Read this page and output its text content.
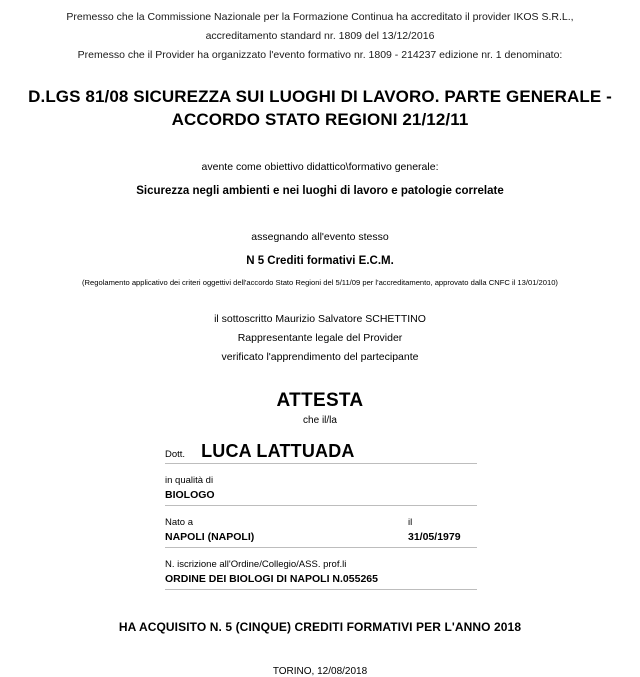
Premesso che la Commissione Nazionale per la Formazione Continua ha accreditato il provider IKOS S.R.L.,
accreditamento standard nr. 1809 del 13/12/2016
Premesso che il Provider ha organizzato l'evento formativo nr. 1809 - 214237 edizione nr. 1 denominato:
D.LGS 81/08 SICUREZZA SUI LUOGHI DI LAVORO. PARTE GENERALE - ACCORDO STATO REGIONI 21/12/11
avente come obiettivo didattico\formativo generale:
Sicurezza negli ambienti e nei luoghi di lavoro e patologie correlate
assegnando all'evento stesso
N 5 Crediti formativi E.C.M.
(Regolamento applicativo dei criteri oggettivi dell'accordo Stato Regioni del 5/11/09 per l'accreditamento, approvato dalla CNFC il 13/01/2010)
il sottoscritto Maurizio Salvatore SCHETTINO
Rappresentante legale del Provider
verificato l'apprendimento del partecipante
ATTESTA
che il/la
Dott. LUCA LATTUADA
in qualità di
BIOLOGO
Nato a
NAPOLI (NAPOLI)
il
31/05/1979
N. iscrizione all'Ordine/Collegio/ASS. prof.li
ORDINE DEI BIOLOGI DI NAPOLI N.055265
HA ACQUISITO N. 5 (CINQUE) CREDITI FORMATIVI PER L'ANNO 2018
TORINO, 12/08/2018
